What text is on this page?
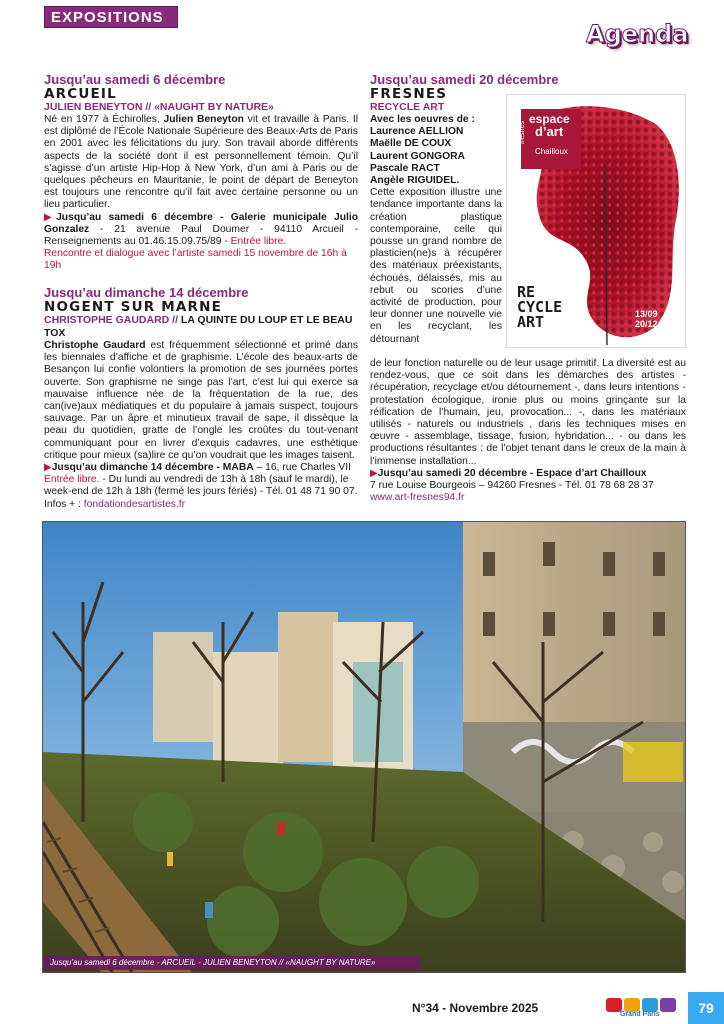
EXPOSITIONS
Agenda
Jusqu’au samedi 6 décembre
ARCUEIL
JULIEN BENEYTON // «NAUGHT BY NATURE»

Né en 1977 à Échirolles, Julien Beneyton vit et travaille à Paris. Il est diplômé de l’École Nationale Supérieure des Beaux-Arts de Paris en 2001 avec les félicitations du jury. Son travail aborde différents aspects de la société dont il est personnellement témoin. Qu’il s’agisse d’un artiste Hip-Hop à New York, d’un ami à Paris ou de quelques pêcheurs en Mauritanie, le point de départ de Beneyton est toujours une rencontre qu’il fait avec certaine personne ou un lieu particulier.

▶Jusqu’au samedi 6 décembre - Galerie municipale Julio Gonzalez - 21 avenue Paul Doumer - 94110 Arcueil - Renseignements au 01.46.15.09.75/89 - Entrée libre.

Rencontre et dialogue avec l’artiste samedi 15 novembre de 16h à 19h

Jusqu’au dimanche 14 décembre
NOGENT SUR MARNE
CHRISTOPHE GAUDARD // LA QUINTE DU LOUP ET LE BEAU TOX

Christophe Gaudard est fréquemment sélectionné et primé dans les biennales d’affiche et de graphisme. L’école des beaux-arts de Besançon lui confie volontiers la promotion de ses journées portes ouverte. Son graphisme ne singe pas l’art, c’est lui qui exerce sa mauvaise influence née de la fréquentation de la rue, des can(ive)aux médiatiques et du populaire à jamais suspect, toujours sauvage. Par un âpre et minutieux travail de sape, il dissèque la peau du quotidien, gratte de l’ongle les croûtes du tout-venant communiquant pour en livrer d’exquis cadavres, une esthétique critique pour mieux (sa)lire ce qu’on voudrait que les images taisent.

▶Jusqu’au dimanche 14 décembre - MABA – 16, rue Charles VII
Entrée libre. - Du lundi au vendredi de 13h à 18h (sauf le mardi), le week-end de 12h à 18h (fermé les jours fériés) - Tél. 01 48 71 90 07.

Infos + : fondationdesartistes.fr

Jusqu’au samedi 20 décembre
FRESNES
RECYCLE ART
Avec les oeuvres de :
Laurence AELLION
Maëlle DE COUX
Laurent GONGORA
Pascale RACT
Angèle RIGUIDEL.

Cette exposition illustre une tendance importante dans la création plastique contemporaine, celle qui pousse un grand nombre de plasticien(ne)s à récupérer des matériaux préexistants, échoués, délaissés, mis au rebut ou scories d’une activité de production, pour leur donner une nouvelle vie en les recyclant, les détournant

de leur fonction naturelle ou de leur usage primitif. La diversité est au rendez-vous, que ce soit dans les démarches des artistes - récupération, recyclage et/ou détournement -, dans leurs intentions - protestation écologique, ironie plus ou moins grinçante sur la réification de l’humain, jeu, provocation... -, dans les matériaux utilisés - naturels ou industriels , dans les techniques mises en œuvre - assemblage, tissage, fusion, hybridation... - ou dans les productions résultantes : de l’objet tenant dans le creux de la main à l’immense installation...

▶Jusqu’au samedi 20 décembre - Espace d’art Chailloux
7 rue Louise Bourgeois – 94260 Fresnes - Tél. 01 78 68 28 37

www.art-fresnes94.fr

espace
d’art
fresnes
Chailloux
RE
CYCLE
ART	13/09
20/12
Jusqu’au samedi 6 décembre - ARCUEIL - JULIEN BENEYTON // «NAUGHT BY NATURE»
N°34 - Novembre 2025	Grand Paris	79
